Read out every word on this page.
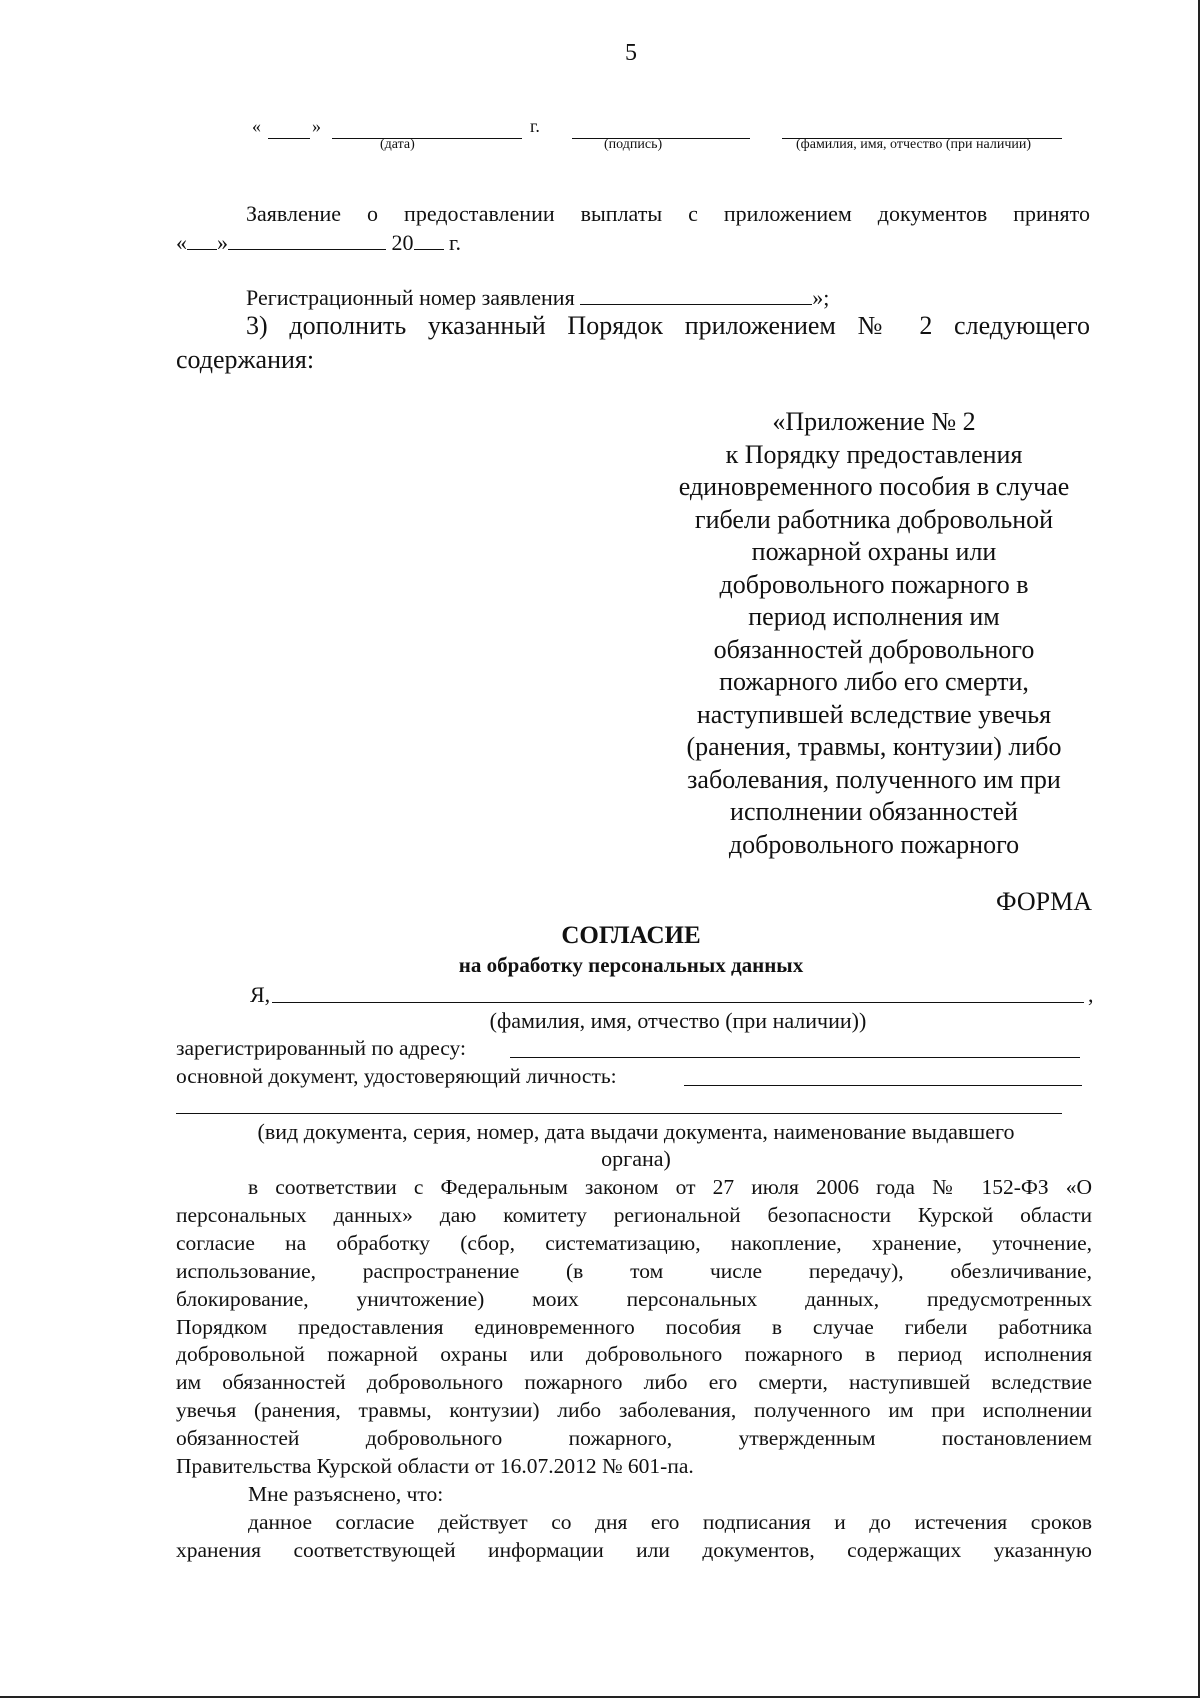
5
«	»	г.
(дата)	(подпись)	(фамилия, имя, отчество (при наличии)
Заявление о предоставлении выплаты с приложением документов принято
« »	20 г.
Регистрационный номер заявления	»;
3) дополнить указанный Порядок приложением № 2 следующего
содержания:
«Приложение № 2
к Порядку предоставления
единовременного пособия в случае
гибели работника добровольной
пожарной охраны или
добровольного пожарного в
период исполнения им
обязанностей добровольного
пожарного либо его смерти,
наступившей вследствие увечья
(ранения, травмы, контузии) либо
заболевания, полученного им при
исполнении обязанностей
добровольного пожарного
ФОРМА
СОГЛАСИЕ
на обработку персональных данных
Я,	,
(фамилия, имя, отчество (при наличии))
зарегистрированный по адресу:
основной документ, удостоверяющий личность:
(вид документа, серия, номер, дата выдачи документа, наименование выдавшего
органа)

в соответствии с Федеральным законом от 27 июля 2006 года № 152-ФЗ «О

персональных данных» даю комитету региональной безопасности Курской области

согласие на обработку (сбор, систематизацию, накопление, хранение, уточнение,

использование, распространение (в том числе передачу), обезличивание,

блокирование, уничтожение) моих персональных данных, предусмотренных

Порядком предоставления единовременного пособия в случае гибели работника

добровольной пожарной охраны или добровольного пожарного в период исполнения

им обязанностей добровольного пожарного либо его смерти, наступившей вследствие

увечья (ранения, травмы, контузии) либо заболевания, полученного им при исполнении

обязанностей добровольного пожарного, утвержденным постановлением

Правительства Курской области от 16.07.2012 № 601-па.

Мне разъяснено, что:

данное согласие действует со дня его подписания и до истечения сроков

хранения соответствующей информации или документов, содержащих указанную
